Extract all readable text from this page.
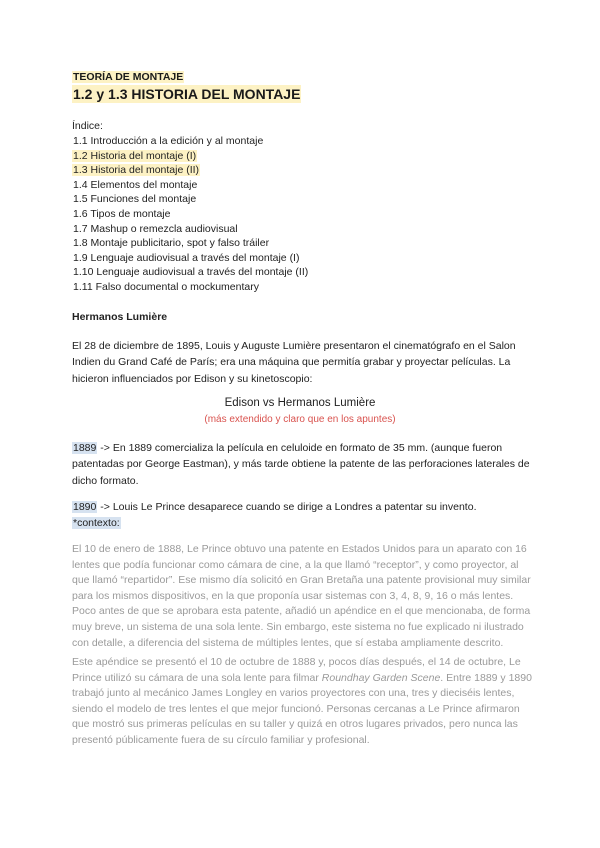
TEORÍA DE MONTAJE
1.2 y 1.3 HISTORIA DEL MONTAJE
Índice:
1.1 Introducción a la edición y al montaje
1.2 Historia del montaje (I)
1.3 Historia del montaje (II)
1.4 Elementos del montaje
1.5 Funciones del montaje
1.6 Tipos de montaje
1.7 Mashup o remezcla audiovisual
1.8 Montaje publicitario, spot y falso tráiler
1.9 Lenguaje audiovisual a través del montaje (I)
1.10 Lenguaje audiovisual a través del montaje (II)
1.11 Falso documental o mockumentary
Hermanos Lumière
El 28 de diciembre de 1895, Louis y Auguste Lumière presentaron el cinematógrafo en el Salon Indien du Grand Café de París; era una máquina que permitía grabar y proyectar películas. La hicieron influenciados por Edison y su kinetoscopio:
Edison vs Hermanos Lumière
(más extendido y claro que en los apuntes)
1889 -> En 1889 comercializa la película en celuloide en formato de 35 mm. (aunque fueron patentadas por George Eastman), y más tarde obtiene la patente de las perforaciones laterales de dicho formato.
1890 -> Louis Le Prince desaparece cuando se dirige a Londres a patentar su invento.
*contexto:
El 10 de enero de 1888, Le Prince obtuvo una patente en Estados Unidos para un aparato con 16 lentes que podía funcionar como cámara de cine, a la que llamó “receptor”, y como proyector, al que llamó “repartidor”. Ese mismo día solicitó en Gran Bretaña una patente provisional muy similar para los mismos dispositivos, en la que proponía usar sistemas con 3, 4, 8, 9, 16 o más lentes. Poco antes de que se aprobara esta patente, añadió un apéndice en el que mencionaba, de forma muy breve, un sistema de una sola lente. Sin embargo, este sistema no fue explicado ni ilustrado con detalle, a diferencia del sistema de múltiples lentes, que sí estaba ampliamente descrito.
Este apéndice se presentó el 10 de octubre de 1888 y, pocos días después, el 14 de octubre, Le Prince utilizó su cámara de una sola lente para filmar Roundhay Garden Scene. Entre 1889 y 1890 trabajó junto al mecánico James Longley en varios proyectores con una, tres y dieciséis lentes, siendo el modelo de tres lentes el que mejor funcionó. Personas cercanas a Le Prince afirmaron que mostró sus primeras películas en su taller y quizá en otros lugares privados, pero nunca las presentó públicamente fuera de su círculo familiar y profesional.
